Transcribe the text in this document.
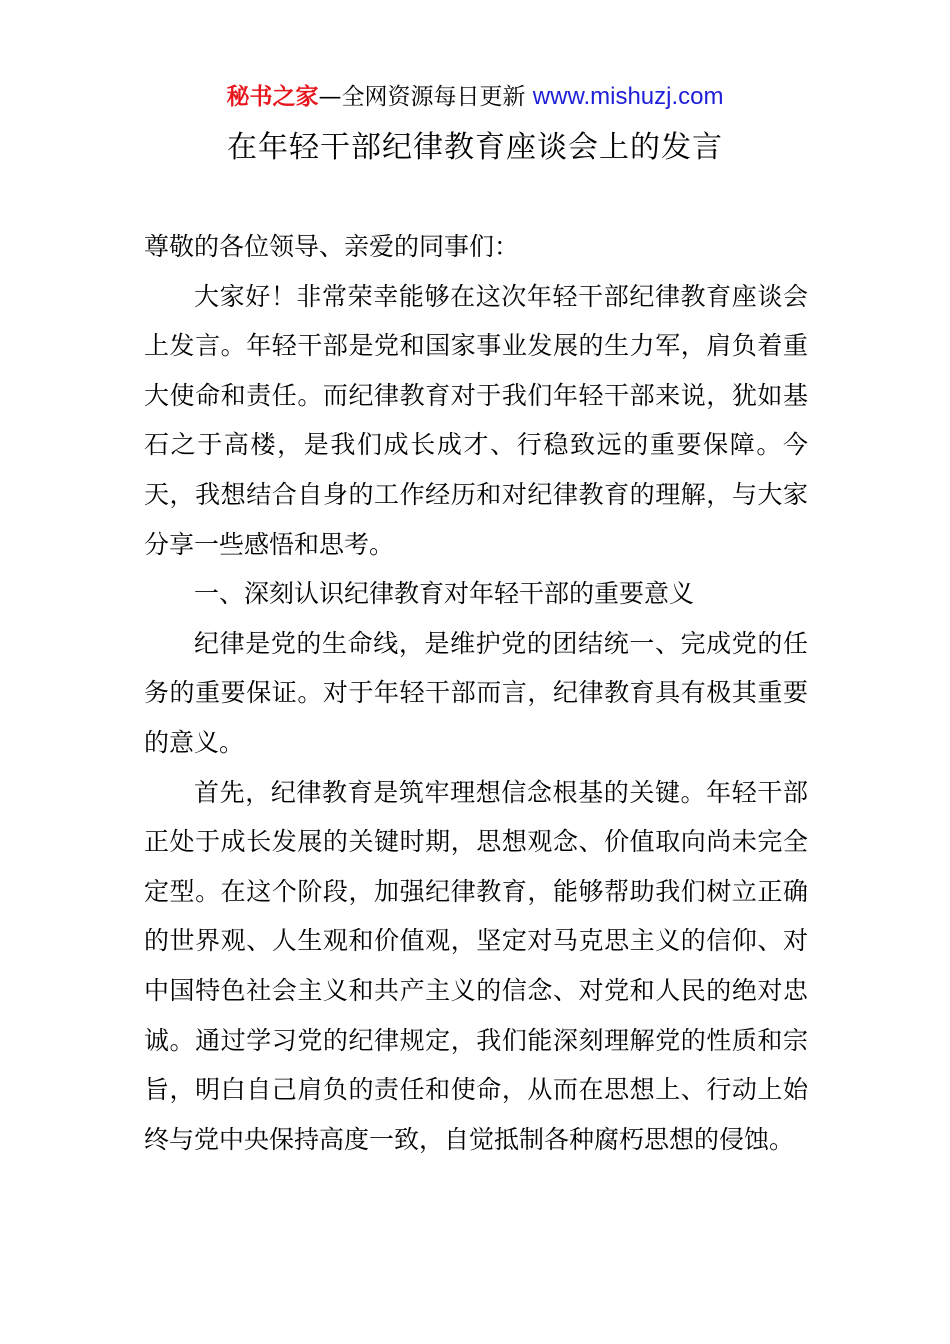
秘书之家—全网资源每日更新 www.mishuzj.com
在年轻干部纪律教育座谈会上的发言

尊敬的各位领导、亲爱的同事们：

大家好！非常荣幸能够在这次年轻干部纪律教育座谈会上发言。年轻干部是党和国家事业发展的生力军，肩负着重大使命和责任。而纪律教育对于我们年轻干部来说，犹如基石之于高楼，是我们成长成才、行稳致远的重要保障。今天，我想结合自身的工作经历和对纪律教育的理解，与大家分享一些感悟和思考。

一、深刻认识纪律教育对年轻干部的重要意义

纪律是党的生命线，是维护党的团结统一、完成党的任务的重要保证。对于年轻干部而言，纪律教育具有极其重要的意义。

首先，纪律教育是筑牢理想信念根基的关键。年轻干部正处于成长发展的关键时期，思想观念、价值取向尚未完全定型。在这个阶段，加强纪律教育，能够帮助我们树立正确的世界观、人生观和价值观，坚定对马克思主义的信仰、对中国特色社会主义和共产主义的信念、对党和人民的绝对忠诚。通过学习党的纪律规定，我们能深刻理解党的性质和宗旨，明白自己肩负的责任和使命，从而在思想上、行动上始终与党中央保持高度一致，自觉抵制各种腐朽思想的侵蚀。
